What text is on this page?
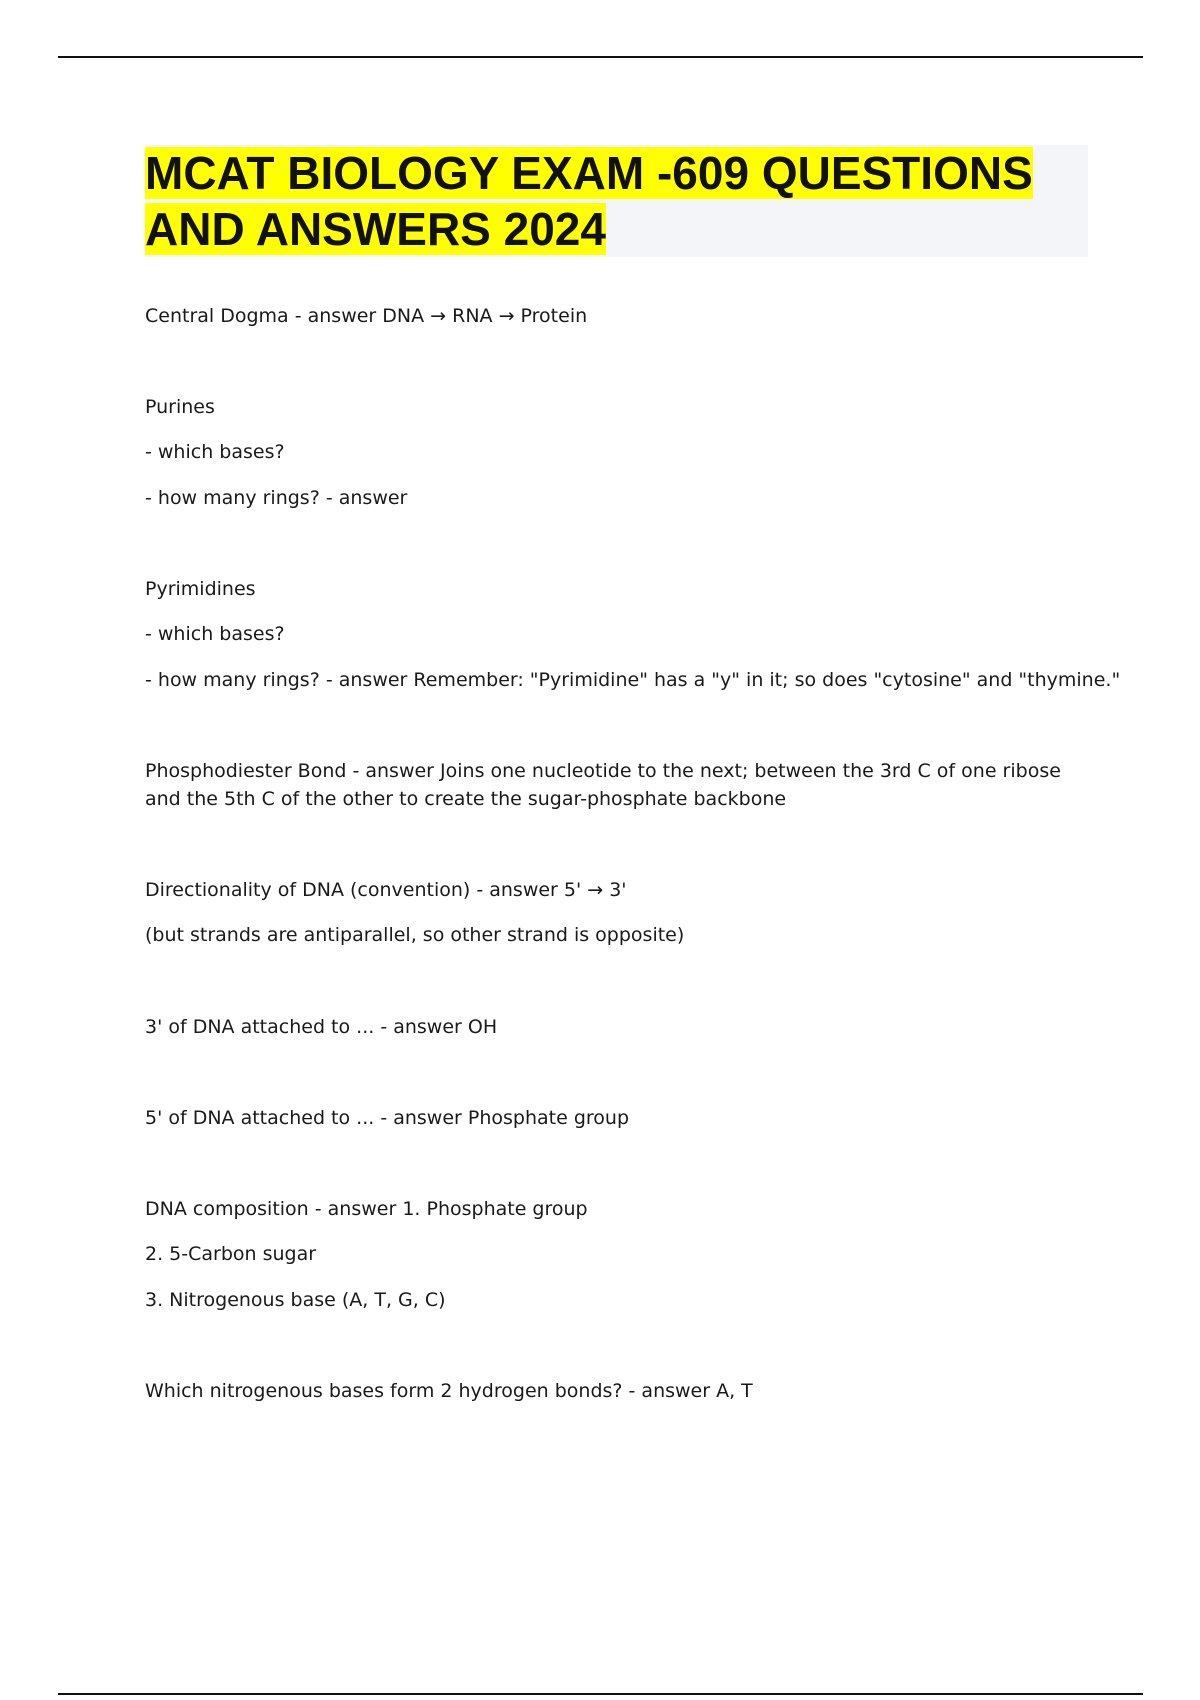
MCAT BIOLOGY EXAM -609 QUESTIONS
AND ANSWERS 2024
Central Dogma - answer DNA → RNA → Protein
Purines
- which bases?
- how many rings? - answer
Pyrimidines
- which bases?
- how many rings? - answer Remember: "Pyrimidine" has a "y" in it; so does "cytosine" and "thymine."
Phosphodiester Bond - answer Joins one nucleotide to the next; between the 3rd C of one ribose and the 5th C of the other to create the sugar-phosphate backbone
Directionality of DNA (convention) - answer 5' → 3'
(but strands are antiparallel, so other strand is opposite)
3' of DNA attached to ... - answer OH
5' of DNA attached to ... - answer Phosphate group
DNA composition - answer 1. Phosphate group
2. 5-Carbon sugar
3. Nitrogenous base (A, T, G, C)
Which nitrogenous bases form 2 hydrogen bonds? - answer A, T
